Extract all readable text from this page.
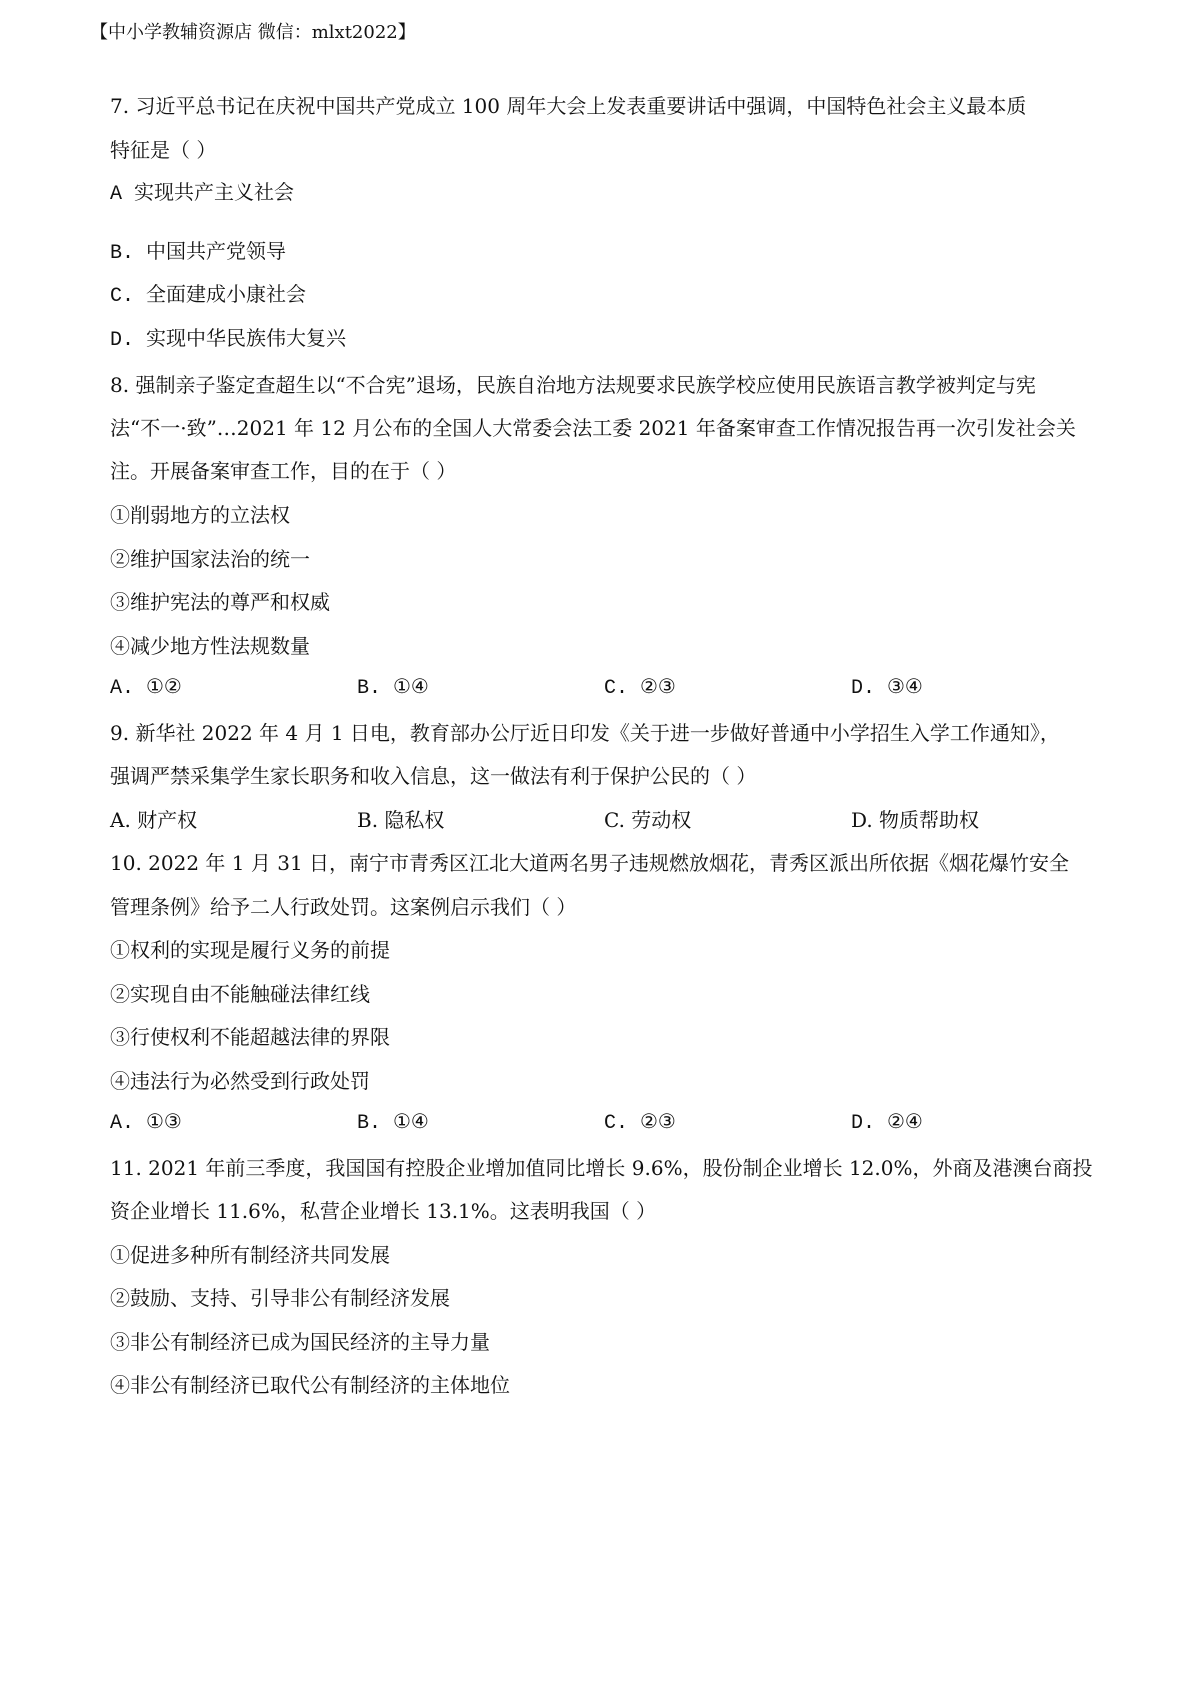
【中小学教辅资源店 微信：mlxt2022】
7. 习近平总书记在庆祝中国共产党成立 100 周年大会上发表重要讲话中强调，中国特色社会主义最本质
特征是（ ）
A 实现共产主义社会
B. 中国共产党领导
C. 全面建成小康社会
D. 实现中华民族伟大复兴
8. 强制亲子鉴定查超生以“不合宪”退场，民族自治地方法规要求民族学校应使用民族语言教学被判定与宪
法“不一·致”…2021 年 12 月公布的全国人大常委会法工委 2021 年备案审查工作情况报告再一次引发社会关
注。开展备案审查工作，目的在于（ ）
①削弱地方的立法权
②维护国家法治的统一
③维护宪法的尊严和权威
④减少地方性法规数量
A. ①②	B. ①④	C. ②③	D. ③④
9. 新华社 2022 年 4 月 1 日电，教育部办公厅近日印发《关于进一步做好普通中小学招生入学工作通知》，
强调严禁采集学生家长职务和收入信息，这一做法有利于保护公民的（ ）
A. 财产权	B. 隐私权	C. 劳动权	D. 物质帮助权
10. 2022 年 1 月 31 日，南宁市青秀区江北大道两名男子违规燃放烟花，青秀区派出所依据《烟花爆竹安全
管理条例》给予二人行政处罚。这案例启示我们（ ）
①权利的实现是履行义务的前提
②实现自由不能触碰法律红线
③行使权利不能超越法律的界限
④违法行为必然受到行政处罚
A. ①③	B. ①④	C. ②③	D. ②④
11. 2021 年前三季度，我国国有控股企业增加值同比增长 9.6%，股份制企业增长 12.0%，外商及港澳台商投
资企业增长 11.6%，私营企业增长 13.1%。这表明我国（ ）
①促进多种所有制经济共同发展
②鼓励、支持、引导非公有制经济发展
③非公有制经济已成为国民经济的主导力量
④非公有制经济已取代公有制经济的主体地位
